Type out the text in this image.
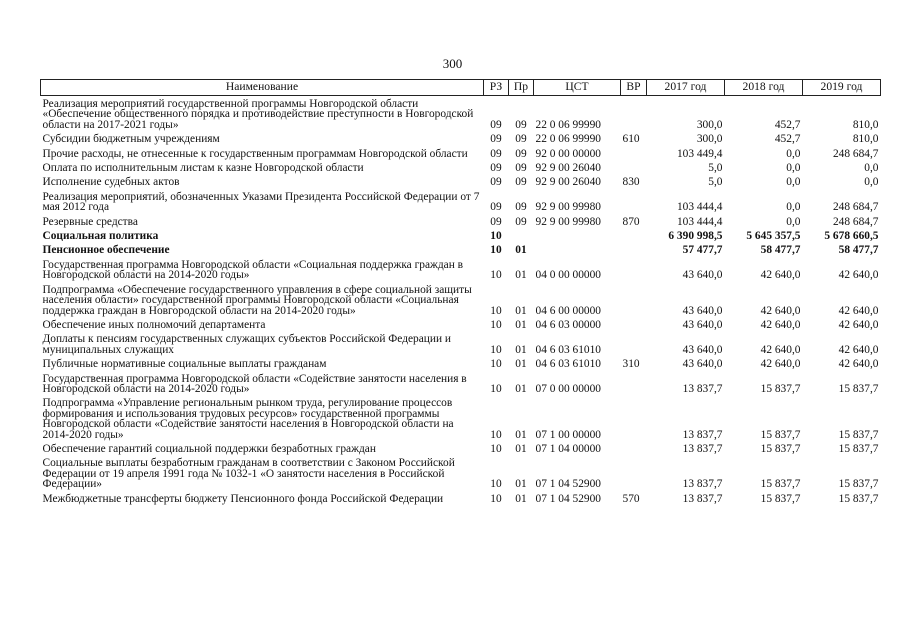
300
Наименование	РЗ	Пр	ЦСТ	ВР	2017 год	2018 год	2019 год
Реализация мероприятий государственной программы Новгородской области «Обеспечение общественного порядка и противодействие преступности в Новгородской области на 2017-2021 годы»	09	09	22 0 06 99990		300,0	452,7	810,0
Субсидии бюджетным учреждениям	09	09	22 0 06 99990	610	300,0	452,7	810,0
Прочие расходы, не отнесенные к государственным программам Новгородской области	09	09	92 0 00 00000		103 449,4	0,0	248 684,7
Оплата по исполнительным листам к казне Новгородской области	09	09	92 9 00 26040		5,0	0,0	0,0
Исполнение судебных актов	09	09	92 9 00 26040	830	5,0	0,0	0,0
Реализация мероприятий, обозначенных Указами Президента Российской Федерации от 7 мая 2012 года	09	09	92 9 00 99980		103 444,4	0,0	248 684,7
Резервные средства	09	09	92 9 00 99980	870	103 444,4	0,0	248 684,7
Социальная политика	10				6 390 998,5	5 645 357,5	5 678 660,5
Пенсионное обеспечение	10	01			57 477,7	58 477,7	58 477,7
Государственная программа Новгородской области «Социальная поддержка граждан в Новгородской области на 2014-2020 годы»	10	01	04 0 00 00000		43 640,0	42 640,0	42 640,0
Подпрограмма «Обеспечение государственного управления в сфере социальной защиты населения области» государственной программы Новгородской области «Социальная поддержка граждан в Новгородской области на 2014-2020 годы»	10	01	04 6 00 00000		43 640,0	42 640,0	42 640,0
Обеспечение иных полномочий департамента	10	01	04 6 03 00000		43 640,0	42 640,0	42 640,0
Доплаты к пенсиям государственных служащих субъектов Российской Федерации и муниципальных служащих	10	01	04 6 03 61010		43 640,0	42 640,0	42 640,0
Публичные нормативные социальные выплаты гражданам	10	01	04 6 03 61010	310	43 640,0	42 640,0	42 640,0
Государственная программа Новгородской области «Содействие занятости населения в Новгородской области на 2014-2020 годы»	10	01	07 0 00 00000		13 837,7	15 837,7	15 837,7
Подпрограмма «Управление региональным рынком труда, регулирование процессов формирования и использования трудовых ресурсов» государственной программы Новгородской области «Содействие занятости населения в Новгородской области на 2014-2020 годы»	10	01	07 1 00 00000		13 837,7	15 837,7	15 837,7
Обеспечение гарантий социальной поддержки безработных граждан	10	01	07 1 04 00000		13 837,7	15 837,7	15 837,7
Социальные выплаты безработным гражданам в соответствии с Законом Российской Федерации от 19 апреля 1991 года № 1032-1 «О занятости населения в Российской Федерации»	10	01	07 1 04 52900		13 837,7	15 837,7	15 837,7
Межбюджетные трансферты бюджету Пенсионного фонда Российской Федерации	10	01	07 1 04 52900	570	13 837,7	15 837,7	15 837,7
